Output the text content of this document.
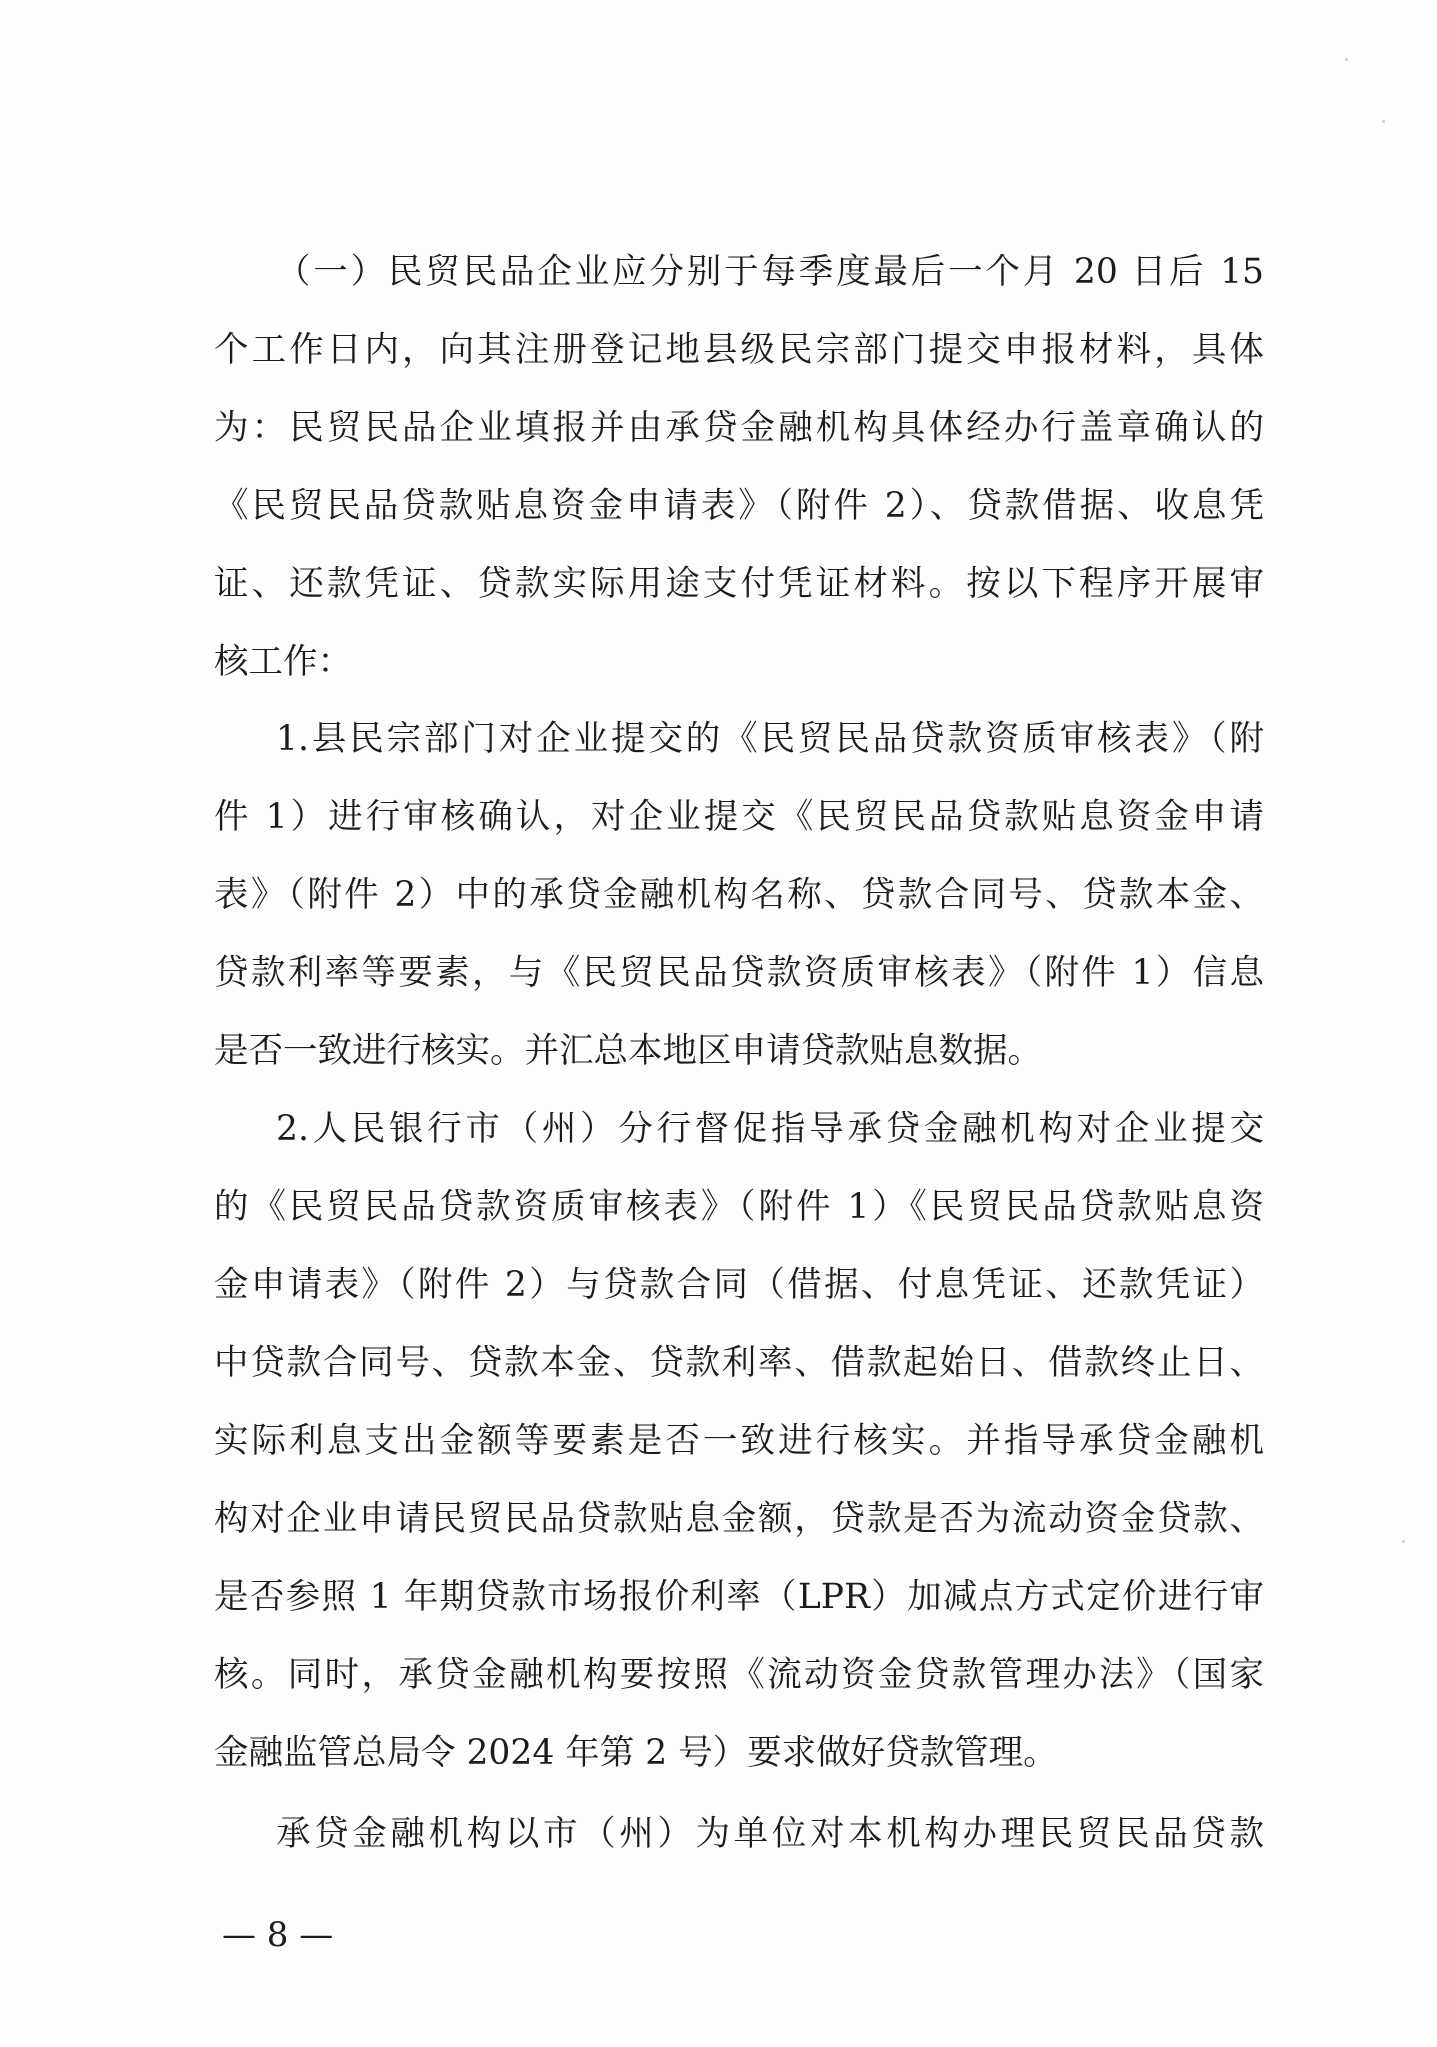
（一）民贸民品企业应分别于每季度最后一个月 20 日后 15
个工作日内，向其注册登记地县级民宗部门提交申报材料，具体
为：民贸民品企业填报并由承贷金融机构具体经办行盖章确认的
《民贸民品贷款贴息资金申请表》（附件 2）、贷款借据、收息凭
证、还款凭证、贷款实际用途支付凭证材料。按以下程序开展审
核工作：
1.县民宗部门对企业提交的《民贸民品贷款资质审核表》（附
件 1）进行审核确认，对企业提交《民贸民品贷款贴息资金申请
表》（附件 2）中的承贷金融机构名称、贷款合同号、贷款本金、
贷款利率等要素，与《民贸民品贷款资质审核表》（附件 1）信息
是否一致进行核实。并汇总本地区申请贷款贴息数据。
2.人民银行市（州）分行督促指导承贷金融机构对企业提交
的《民贸民品贷款资质审核表》（附件 1）《民贸民品贷款贴息资
金申请表》（附件 2）与贷款合同（借据、付息凭证、还款凭证）
中贷款合同号、贷款本金、贷款利率、借款起始日、借款终止日、
实际利息支出金额等要素是否一致进行核实。并指导承贷金融机
构对企业申请民贸民品贷款贴息金额，贷款是否为流动资金贷款、
是否参照 1 年期贷款市场报价利率（LPR）加减点方式定价进行审
核。同时，承贷金融机构要按照《流动资金贷款管理办法》（国家
金融监管总局令 2024 年第 2 号）要求做好贷款管理。
承贷金融机构以市（州）为单位对本机构办理民贸民品贷款
— 8 —
